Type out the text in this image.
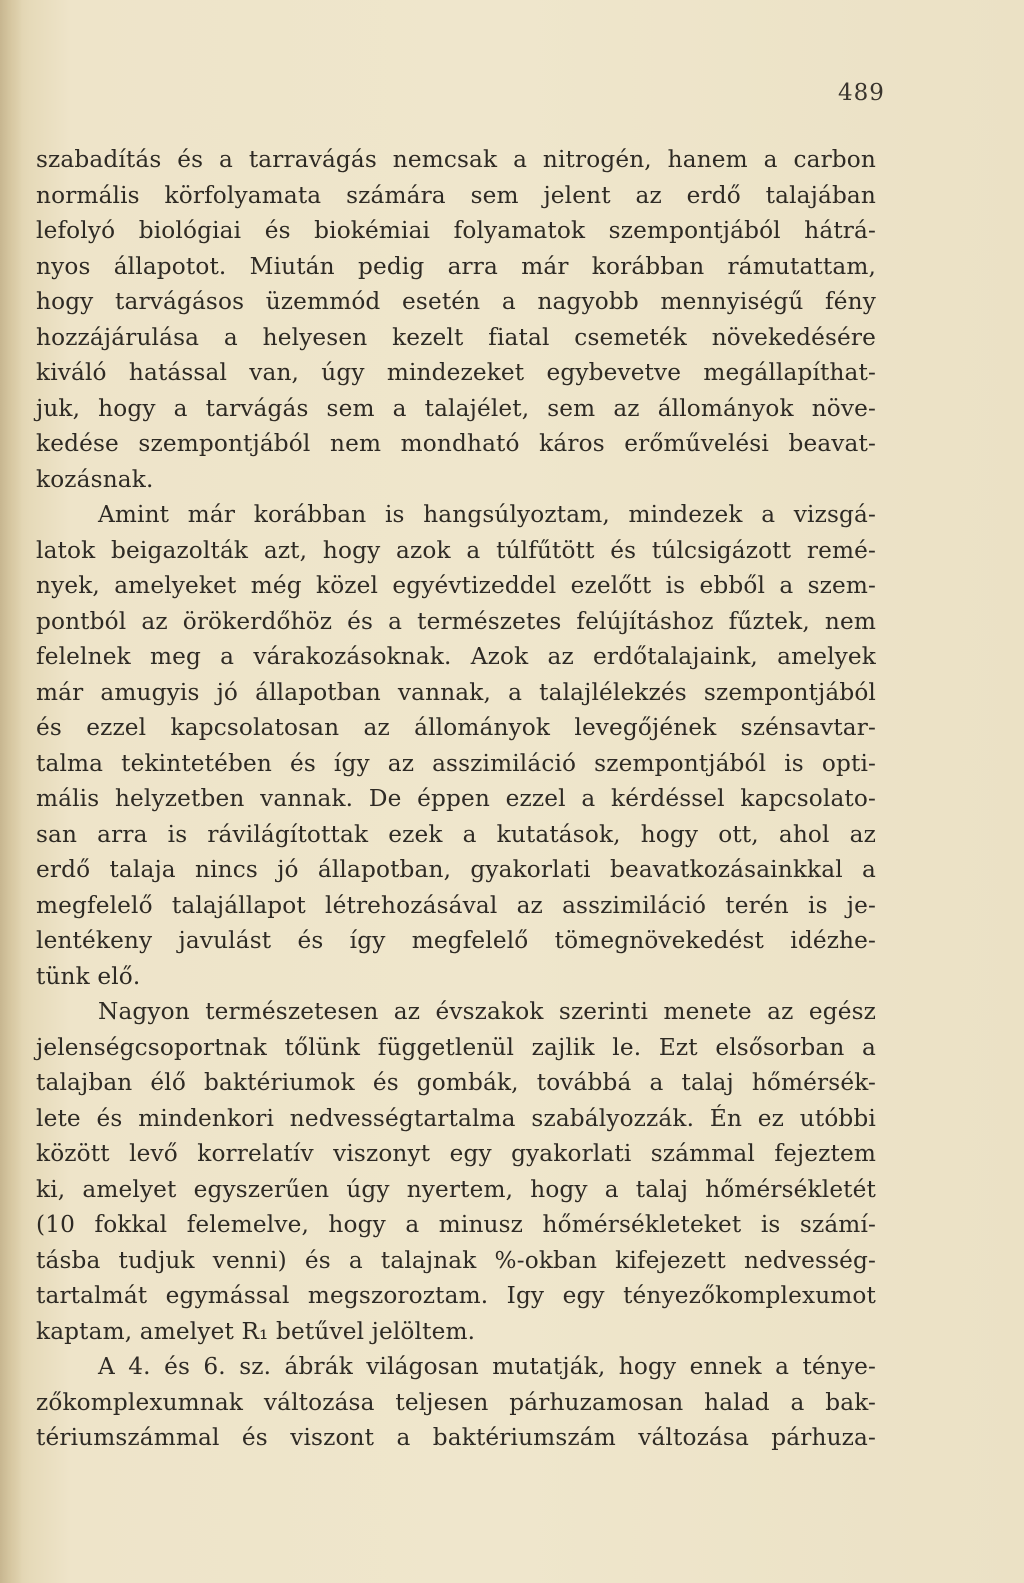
489
szabadítás és a tarravágás nemcsak a nitrogén, hanem a carbon
normális körfolyamata számára sem jelent az erdő talajában
lefolyó biológiai és biokémiai folyamatok szempontjából hátrá-
nyos állapotot. Miután pedig arra már korábban rámutattam,
hogy tarvágásos üzemmód esetén a nagyobb mennyiségű fény
hozzájárulása a helyesen kezelt fiatal csemeték növekedésére
kiváló hatással van, úgy mindezeket egybevetve megállapíthat-
juk, hogy a tarvágás sem a talajélet, sem az állományok növe-
kedése szempontjából nem mondható káros erőművelési beavat-
kozásnak.
Amint már korábban is hangsúlyoztam, mindezek a vizsgá-
latok beigazolták azt, hogy azok a túlfűtött és túlcsigázott remé-
nyek, amelyeket még közel egyévtizeddel ezelőtt is ebből a szem-
pontból az örökerdőhöz és a természetes felújításhoz fűztek, nem
felelnek meg a várakozásoknak. Azok az erdőtalajaink, amelyek
már amugyis jó állapotban vannak, a talajlélekzés szempontjából
és ezzel kapcsolatosan az állományok levegőjének szénsavtar-
talma tekintetében és így az asszimiláció szempontjából is opti-
mális helyzetben vannak. De éppen ezzel a kérdéssel kapcsolato-
san arra is rávilágítottak ezek a kutatások, hogy ott, ahol az
erdő talaja nincs jó állapotban, gyakorlati beavatkozásainkkal a
megfelelő talajállapot létrehozásával az asszimiláció terén is je-
lentékeny javulást és így megfelelő tömegnövekedést idézhe-
tünk elő.
Nagyon természetesen az évszakok szerinti menete az egész
jelenségcsoportnak tőlünk függetlenül zajlik le. Ezt elsősorban a
talajban élő baktériumok és gombák, továbbá a talaj hőmérsék-
lete és mindenkori nedvességtartalma szabályozzák. Én ez utóbbi
között levő korrelatív viszonyt egy gyakorlati számmal fejeztem
ki, amelyet egyszerűen úgy nyertem, hogy a talaj hőmérsékletét
(10 fokkal felemelve, hogy a minusz hőmérsékleteket is számí-
tásba tudjuk venni) és a talajnak %-okban kifejezett nedvesség-
tartalmát egymással megszoroztam. Igy egy tényezőkomplexumot
kaptam, amelyet R₁ betűvel jelöltem.
A 4. és 6. sz. ábrák világosan mutatják, hogy ennek a ténye-
zőkomplexumnak változása teljesen párhuzamosan halad a bak-
tériumszámmal és viszont a baktériumszám változása párhuza-
